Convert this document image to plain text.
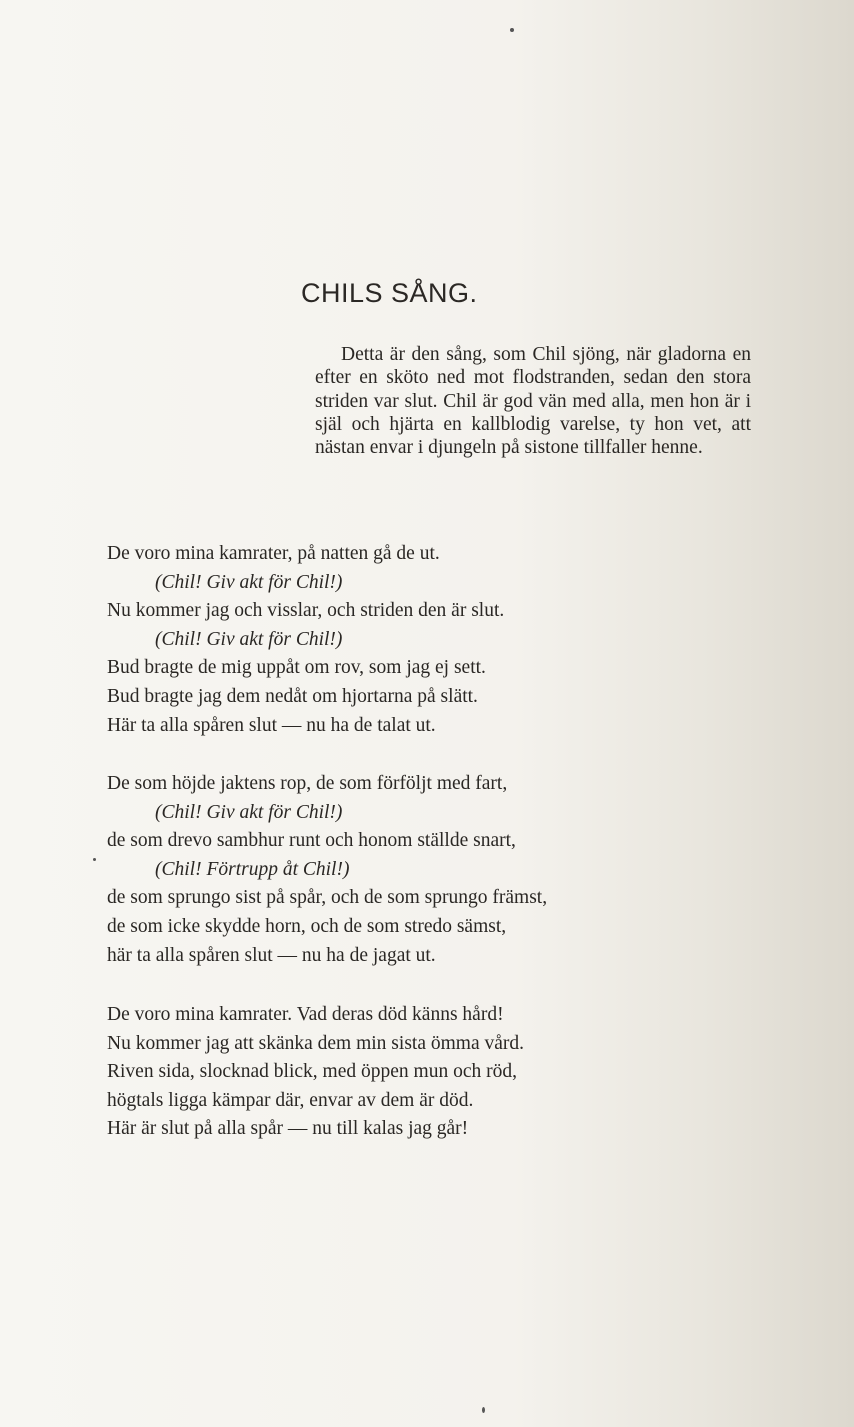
CHILS SÅNG.

Detta är den sång, som Chil sjöng, när gladorna en efter en sköto ned mot flodstranden, sedan den stora striden var slut. Chil är god vän med alla, men hon är i själ och hjärta en kallblodig varelse, ty hon vet, att nästan envar i djungeln på sistone tillfaller henne.

De voro mina kamrater, på natten gå de ut.
(Chil! Giv akt för Chil!)
Nu kommer jag och visslar, och striden den är slut.
(Chil! Giv akt för Chil!)
Bud bragte de mig uppåt om rov, som jag ej sett.
Bud bragte jag dem nedåt om hjortarna på slätt.
Här ta alla spåren slut — nu ha de talat ut.
De som höjde jaktens rop, de som förföljt med fart,
(Chil! Giv akt för Chil!)
de som drevo sambhur runt och honom ställde snart,
(Chil! Förtrupp åt Chil!)
de som sprungo sist på spår, och de som sprungo främst,
de som icke skydde horn, och de som stredo sämst,
här ta alla spåren slut — nu ha de jagat ut.
De voro mina kamrater. Vad deras död känns hård!
Nu kommer jag att skänka dem min sista ömma vård.
Riven sida, slocknad blick, med öppen mun och röd,
högtals ligga kämpar där, envar av dem är död.
Här är slut på alla spår — nu till kalas jag går!
